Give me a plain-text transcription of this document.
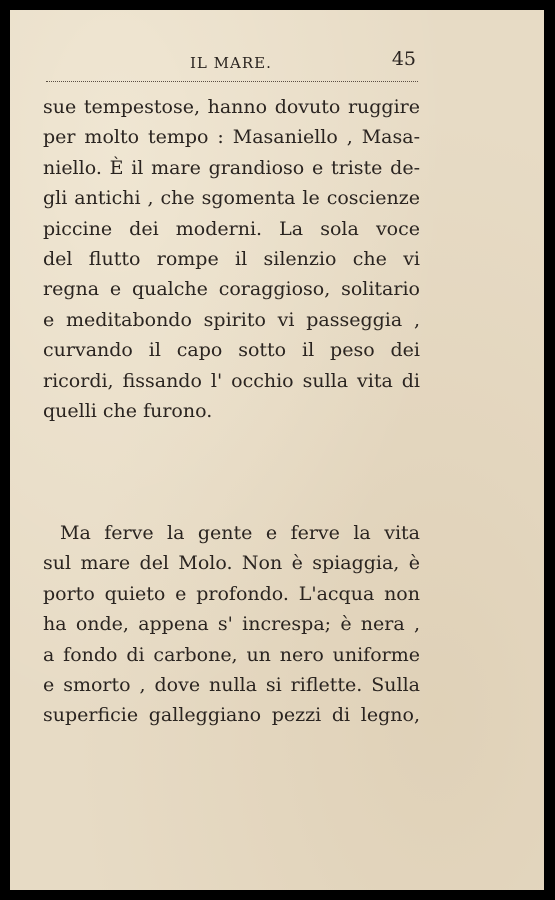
IL MARE.	45
sue tempestose, hanno dovuto ruggire
per molto tempo : Masaniello , Masa-
niello. È il mare grandioso e triste de-
gli antichi , che sgomenta le coscienze
piccine dei moderni. La sola voce
del flutto rompe il silenzio che vi
regna e qualche coraggioso, solitario
e meditabondo spirito vi passeggia ,
curvando il capo sotto il peso dei
ricordi, fissando l' occhio sulla vita di
quelli che furono.
Ma ferve la gente e ferve la vita
sul mare del Molo. Non è spiaggia, è
porto quieto e profondo. L'acqua non
ha onde, appena s' increspa; è nera ,
a fondo di carbone, un nero uniforme
e smorto , dove nulla si riflette. Sulla
superficie galleggiano pezzi di legno,
